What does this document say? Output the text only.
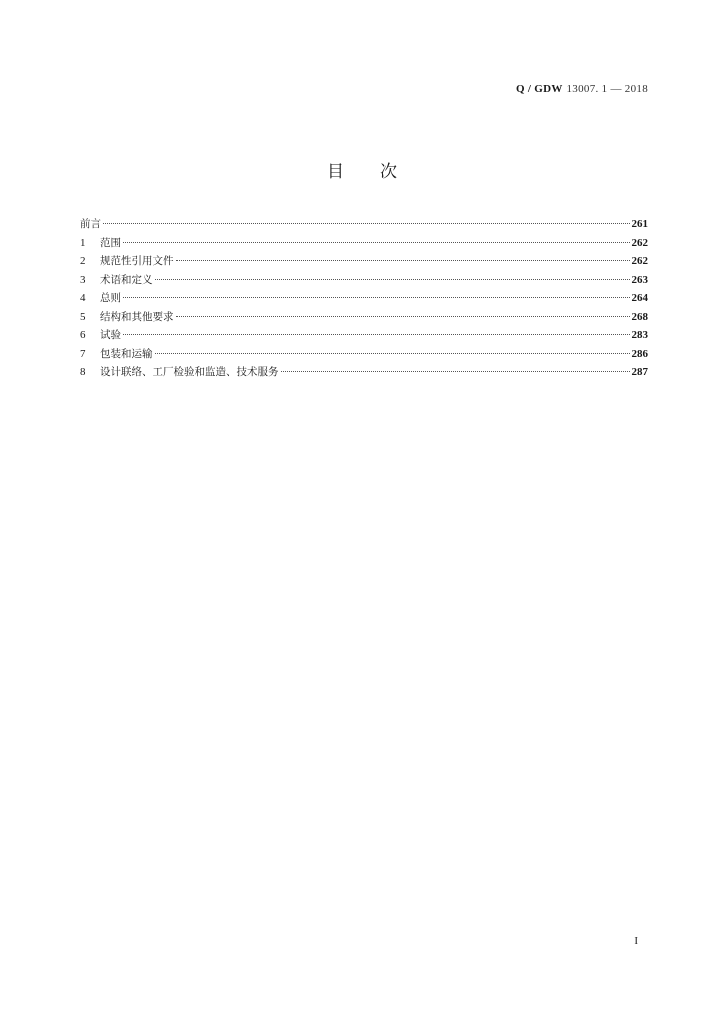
Q / GDW 13007. 1 — 2018
目次
前言	261
1	范围	262
2	规范性引用文件	262
3	术语和定义	263
4	总则	264
5	结构和其他要求	268
6	试验	283
7	包装和运输	286
8	设计联络、工厂检验和监造、技术服务	287
I
